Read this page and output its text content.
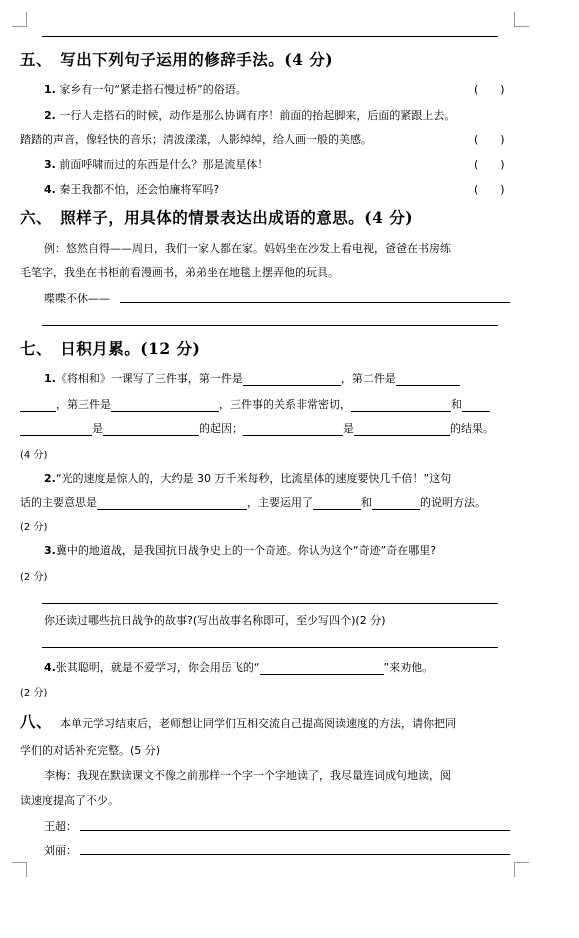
五、　写出下列句子运用的修辞手法。(4 分)
1. 家乡有一句“紧走搭石慢过桥”的俗语。	(　　)
2. 一行人走搭石的时候，动作是那么协调有序！前面的抬起脚来，后面的紧跟上去。
踏踏的声音，像轻快的音乐；清波漾漾，人影绰绰，给人画一般的美感。	(　　)
3. 前面呼啸而过的东西是什么？那是流星体！	(　　)
4. 秦王我都不怕，还会怕廉将军吗?	(　　)
六、　照样子，用具体的情景表达出成语的意思。(4 分)
例：悠然自得——周日，我们一家人都在家。妈妈坐在沙发上看电视，爸爸在书房练
毛笔字，我坐在书柜前看漫画书，弟弟坐在地毯上摆弄他的玩具。
喋喋不休——
七、　日积月累。(12 分)
1.《将相和》一课写了三件事，第一件是	，第二件是
，第三件是	，三件事的关系非常密切，	和
是	的起因；	是	的结果。
(4 分)
2.“光的速度是惊人的，大约是 30 万千米每秒，比流星体的速度要快几千倍！”这句
话的主要意思是	，主要运用了	和	的说明方法。
(2 分)
3.冀中的地道战，是我国抗日战争史上的一个奇迹。你认为这个“奇迹”奇在哪里?
(2 分)
你还读过哪些抗日战争的故事?(写出故事名称即可，至少写四个)(2 分)
4.张其聪明，就是不爱学习，你会用岳飞的“	”来劝他。
(2 分)
八、 本单元学习结束后，老师想让同学们互相交流自己提高阅读速度的方法，请你把同
学们的对话补充完整。(5 分)
李梅：我现在默读课文不像之前那样一个字一个字地读了，我尽量连词成句地读，阅
读速度提高了不少。
王超：
刘丽：
